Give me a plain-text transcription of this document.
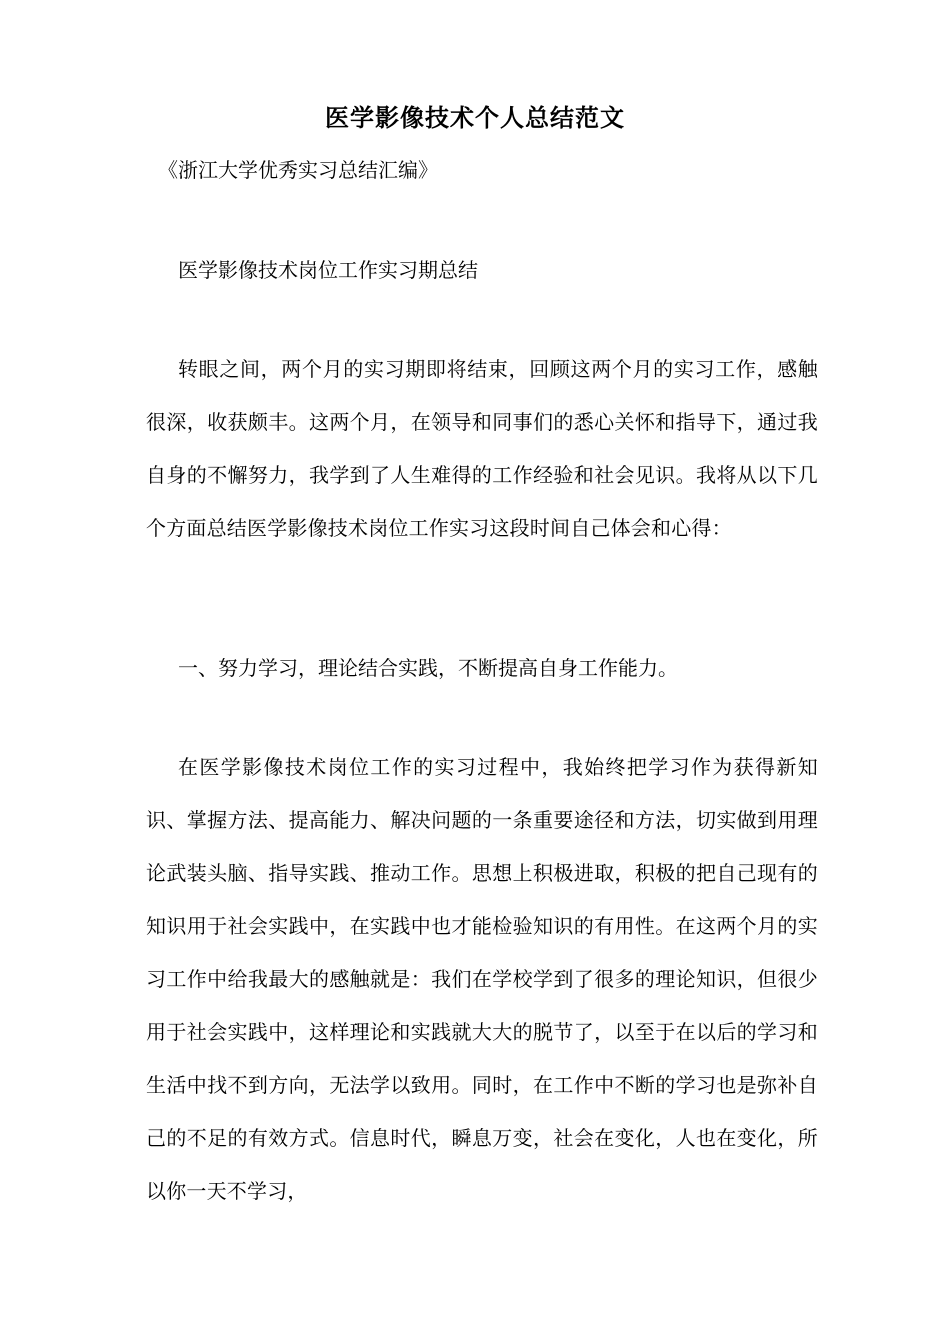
医学影像技术个人总结范文
《浙江大学优秀实习总结汇编》
医学影像技术岗位工作实习期总结
转眼之间，两个月的实习期即将结束，回顾这两个月的实习工作，感触很深，收获颇丰。这两个月，在领导和同事们的悉心关怀和指导下，通过我自身的不懈努力，我学到了人生难得的工作经验和社会见识。我将从以下几个方面总结医学影像技术岗位工作实习这段时间自己体会和心得：
一、努力学习，理论结合实践，不断提高自身工作能力。
在医学影像技术岗位工作的实习过程中，我始终把学习作为获得新知识、掌握方法、提高能力、解决问题的一条重要途径和方法，切实做到用理论武装头脑、指导实践、推动工作。思想上积极进取，积极的把自己现有的知识用于社会实践中，在实践中也才能检验知识的有用性。在这两个月的实习工作中给我最大的感触就是：我们在学校学到了很多的理论知识，但很少用于社会实践中，这样理论和实践就大大的脱节了，以至于在以后的学习和生活中找不到方向，无法学以致用。同时，在工作中不断的学习也是弥补自己的不足的有效方式。信息时代，瞬息万变，社会在变化，人也在变化，所以你一天不学习，
